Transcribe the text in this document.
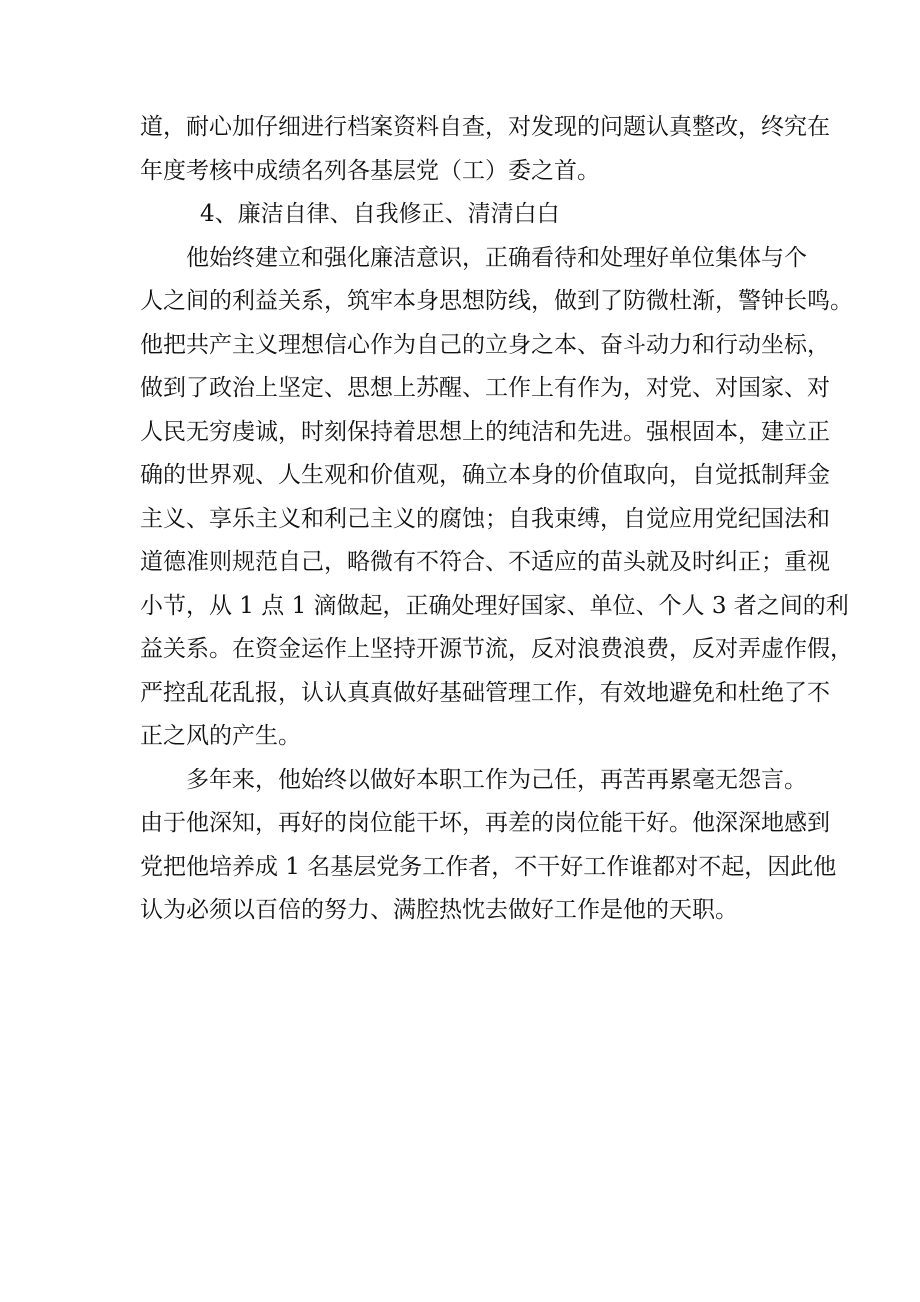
道，耐心加仔细进行档案资料自查，对发现的问题认真整改，终究在
年度考核中成绩名列各基层党（工）委之首。
4、廉洁自律、自我修正、清清白白
他始终建立和强化廉洁意识，正确看待和处理好单位集体与个
人之间的利益关系，筑牢本身思想防线，做到了防微杜渐，警钟长鸣。
他把共产主义理想信心作为自己的立身之本、奋斗动力和行动坐标，
做到了政治上坚定、思想上苏醒、工作上有作为，对党、对国家、对
人民无穷虔诚，时刻保持着思想上的纯洁和先进。强根固本，建立正
确的世界观、人生观和价值观，确立本身的价值取向，自觉抵制拜金
主义、享乐主义和利己主义的腐蚀；自我束缚，自觉应用党纪国法和
道德准则规范自己，略微有不符合、不适应的苗头就及时纠正；重视
小节，从 1 点 1 滴做起，正确处理好国家、单位、个人 3 者之间的利
益关系。在资金运作上坚持开源节流，反对浪费浪费，反对弄虚作假，
严控乱花乱报，认认真真做好基础管理工作，有效地避免和杜绝了不
正之风的产生。
多年来，他始终以做好本职工作为己任，再苦再累毫无怨言。
由于他深知，再好的岗位能干坏，再差的岗位能干好。他深深地感到
党把他培养成 1 名基层党务工作者，不干好工作谁都对不起，因此他
认为必须以百倍的努力、满腔热忱去做好工作是他的天职。
